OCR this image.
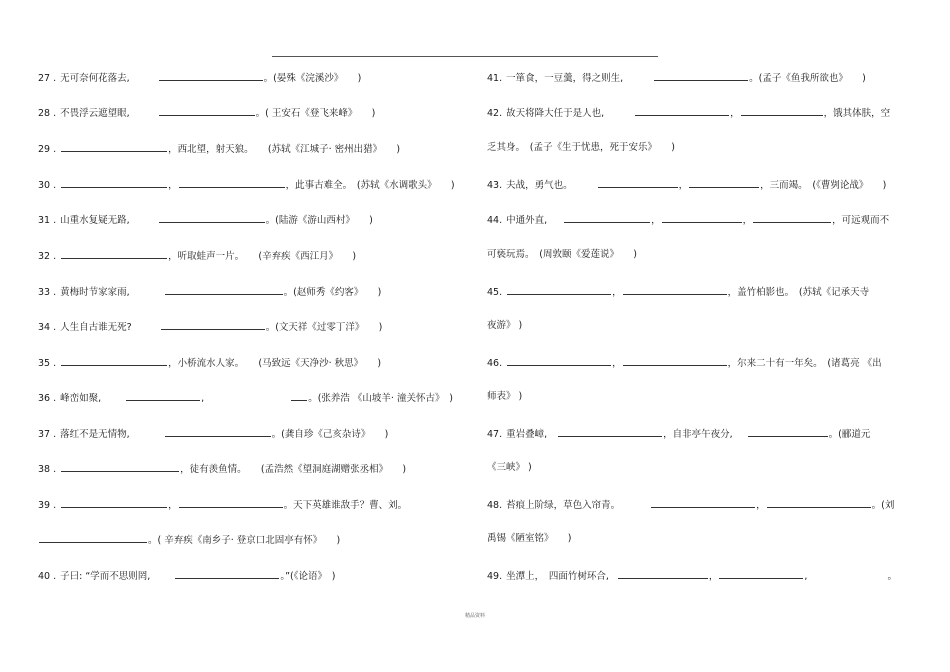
27 . 无可奈何花落去,	。(晏殊《浣溪沙》　　)
28 . 不畏浮云遮望眼,	。( 王安石《登飞来峰》　　)
29 .	，西北望，射天狼。　　(苏轼《江城子· 密州出猎》　　)
30 .	，	，此事古难全。　(苏轼《水调歌头》　　)
31 . 山重水复疑无路,	。(陆游《游山西村》　　)
32 .	，听取蛙声一片。　　(辛弃疾《西江月》　　)
33 . 黄梅时节家家雨,	。(赵师秀《约客》　　)
34 . 人生自古谁无死?	。(文天祥《过零丁洋》　　)
35 .	，小桥流水人家。　　(马致远《天净沙· 秋思》　　)
36 . 峰峦如聚,	,	。(张养浩 《山坡羊· 潼关怀古》　)
37 . 落红不是无情物,	。(龚自珍《己亥杂诗》　　)
38 .	，徒有羡鱼情。　　(孟浩然《望洞庭湖赠张丞相》　　)
39 .	，	。天下英雄谁敌手？曹、刘。
。( 辛弃疾《南乡子· 登京口北固亭有怀》　　)
40 . 子曰: “学而不思则罔,	。”(《论语》　)
41. 一箪食，一豆羹，得之则生,	。(孟子《鱼我所欲也》　　)
42. 故天将降大任于是人也,	，	，饿其体肤，空
乏其身。　(孟子《生于忧患，死于安乐》　　)
43. 夫战，勇气也。	，	，三而竭。　(《曹刿论战》　　)
44. 中通外直,	，	，	，可远观而不
可亵玩焉。　(周敦颐《爱莲说》　　)
45.	，	，盖竹柏影也。　(苏轼《记承天寺
夜游》 )
46.	，	，尔来二十有一年矣。　(诸葛亮 《出
师表》 )
47. 重岩叠嶂,	，自非亭午夜分,	。(郦道元
《三峡》 )
48. 苔痕上阶绿，草色入帘青。	，	。(刘
禹锡《陋室铭》　　)
49. 坐潭上，　四面竹树环合,	，	,	。
精品资料
